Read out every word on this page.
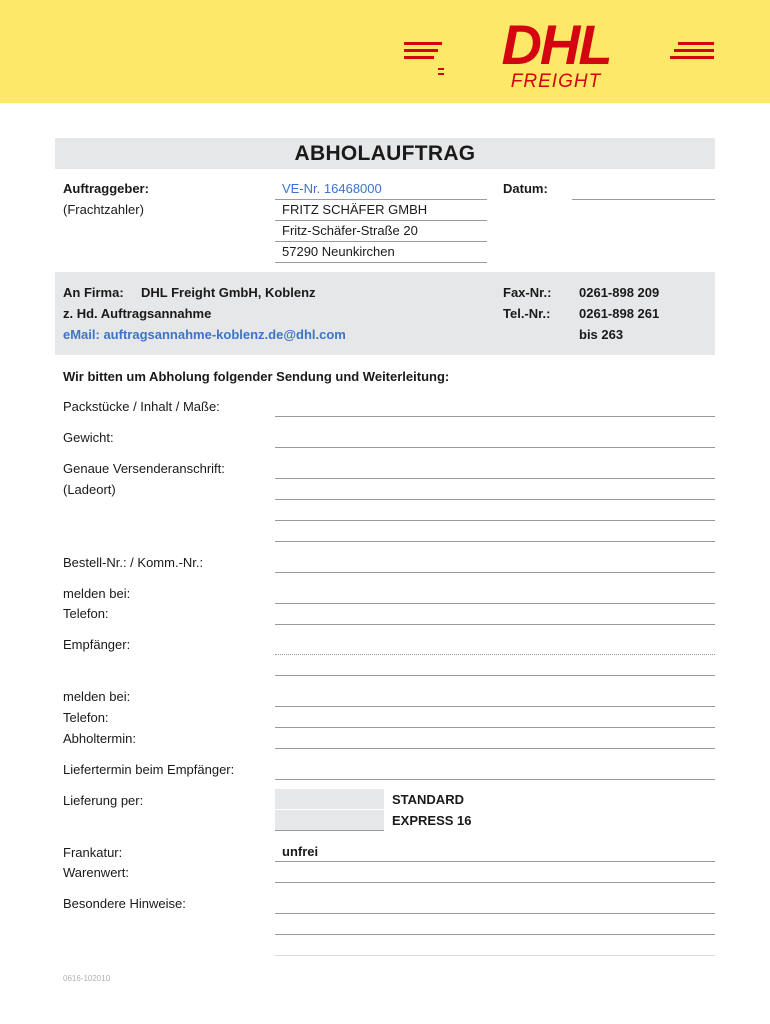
DHL
FREIGHT
ABHOLAUFTRAG
Auftraggeber:
(Frachtzahler)
VE-Nr. 16468000
FRITZ SCHÄFER GMBH
Fritz-Schäfer-Straße 20
57290 Neunkirchen
Datum:
An Firma: DHL Freight GmbH, Koblenz
z. Hd. Auftragsannahme
eMail: auftragsannahme-koblenz.de@dhl.com
Fax-Nr.: 0261-898 209
Tel.-Nr.: 0261-898 261
bis 263
Wir bitten um Abholung folgender Sendung und Weiterleitung:
Packstücke / Inhalt / Maße:
Gewicht:
Genaue Versenderanschrift:
(Ladeort)
Bestell-Nr.: / Komm.-Nr.:
melden bei:
Telefon:
Empfänger:
melden bei:
Telefon:
Abholtermin:
Liefertermin beim Empfänger:
Lieferung per:	STANDARD
EXPRESS 16
Frankatur:	unfrei
Warenwert:
Besondere Hinweise:
0616-102010
